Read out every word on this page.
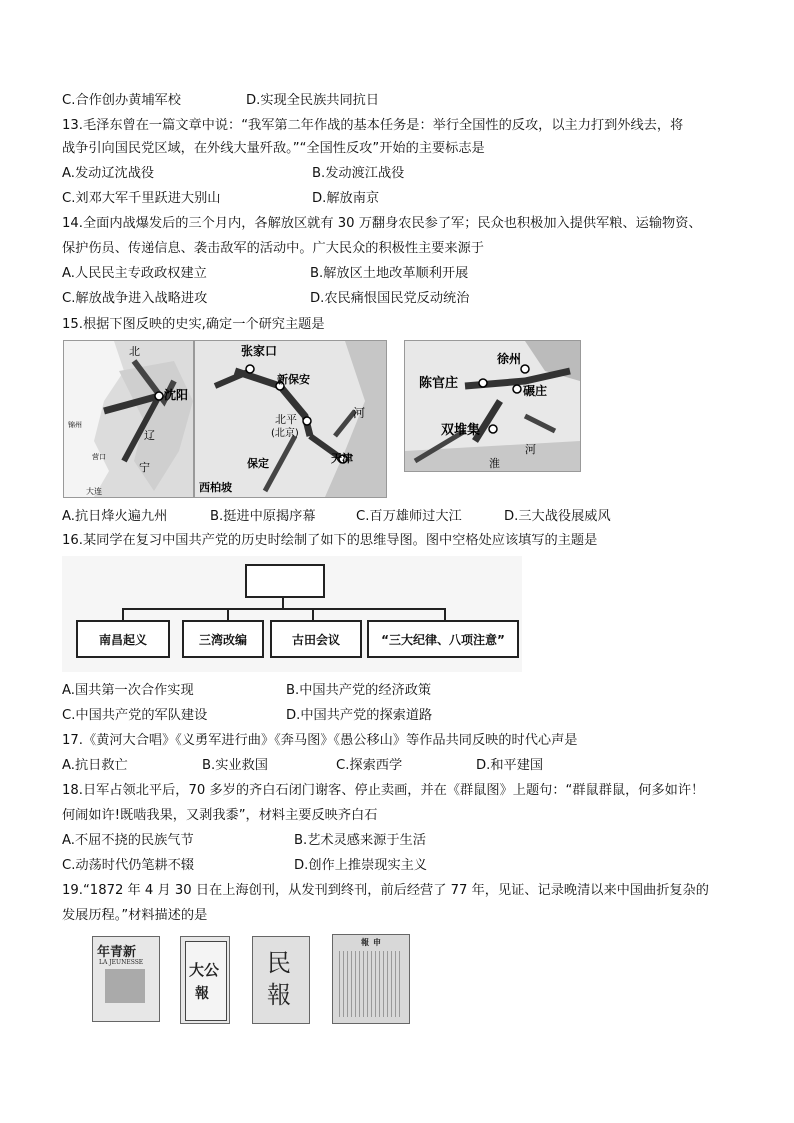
C.合作创办黄埔军校	D.实现全民族共同抗日
13.毛泽东曾在一篇文章中说：“我军第二年作战的基本任务是：举行全国性的反攻，以主力打到外线去，将
战争引向国民党区域，在外线大量歼敌。”“全国性反攻”开始的主要标志是
A.发动辽沈战役	B.发动渡江战役
C.刘邓大军千里跃进大别山	D.解放南京
14.全面内战爆发后的三个月内，各解放区就有 30 万翻身农民参了军；民众也积极加入提供军粮、运输物资、
保护伤员、传递信息、袭击敌军的活动中。广大民众的积极性主要来源于
A.人民民主专政政权建立	B.解放区土地改革顺利开展
C.解放战争进入战略进攻	D.农民痛恨国民党反动统治
15.根据下图反映的史实,确定一个研究主题是
北
沈阳
辽
宁
锦州
营口
大连
张家口
新保安
北平
(北京)
河
天津
保定
西柏坡
徐州
陈官庄	碾庄
双堆集
河
淮
A.抗日烽火遍九州	B.挺进中原揭序幕	C.百万雄师过大江	D.三大战役展威风
16.某同学在复习中国共产党的历史时绘制了如下的思维导图。图中空格处应该填写的主题是
南昌起义	三湾改编	古田会议	“三大纪律、八项注意”
A.国共第一次合作实现	B.中国共产党的经济政策
C.中国共产党的军队建设	D.中国共产党的探索道路
17.《黄河大合唱》《义勇军进行曲》《奔马图》《愚公移山》等作品共同反映的时代心声是
A.抗日救亡	B.实业救国	C.探索西学	D.和平建国
18.日军占领北平后，70 多岁的齐白石闭门谢客、停止卖画，并在《群鼠图》上题句：“群鼠群鼠，何多如许！
何闹如许!既啮我果，又剥我黍”，材料主要反映齐白石
A.不屈不挠的民族气节	B.艺术灵感来源于生活
C.动荡时代仍笔耕不辍	D.创作上推崇现实主义
19.“1872 年 4 月 30 日在上海创刊，从发刊到终刊，前后经营了 77 年，见证、记录晚清以来中国曲折复杂的
发展历程。”材料描述的是
年青新
LA JEUNESSE	大公
報
民
報
報 申
